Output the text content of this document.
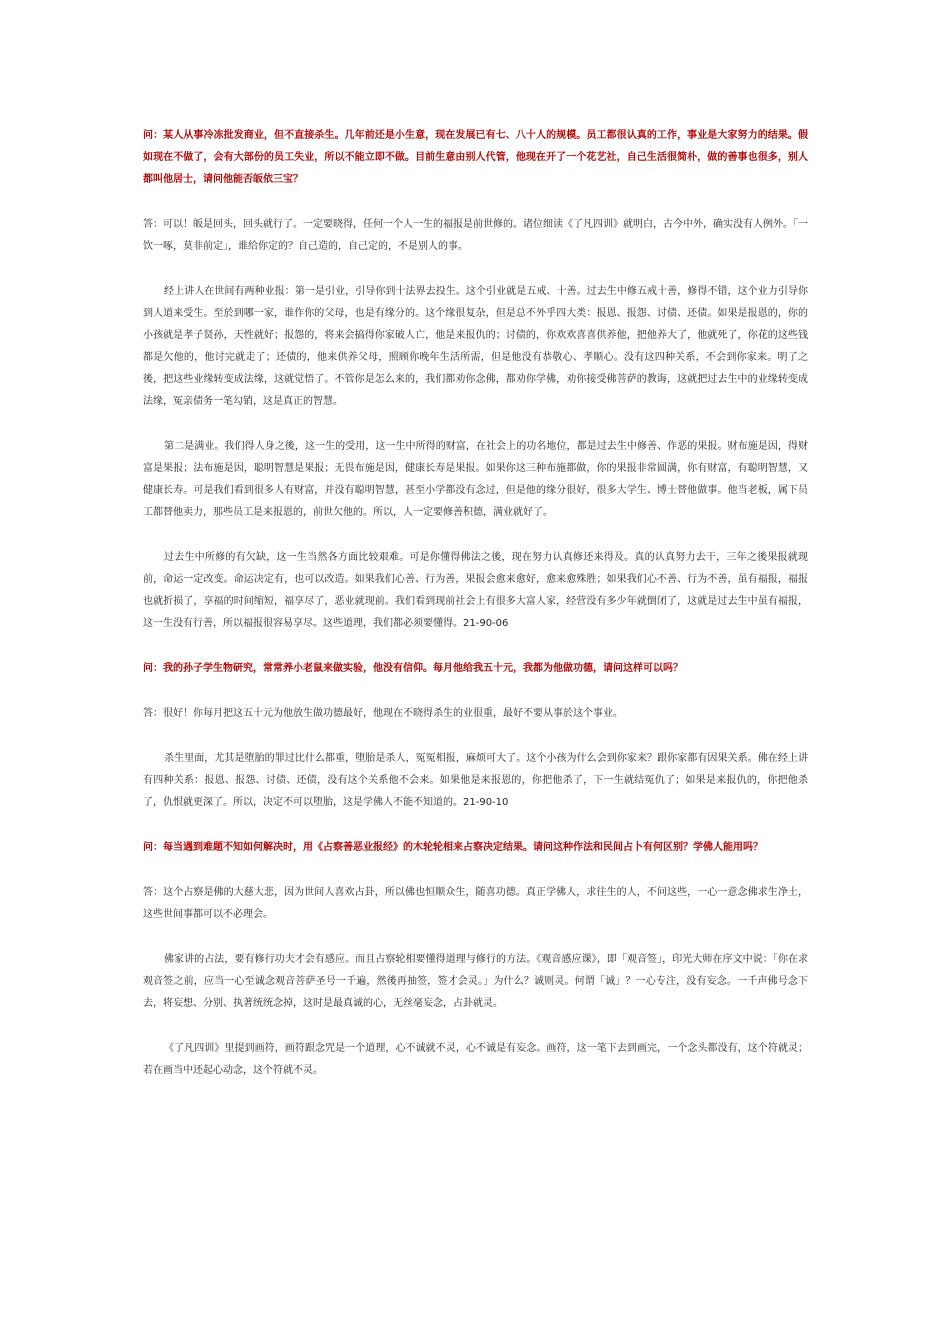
问：某人从事冷冻批发商业，但不直接杀生。几年前还是小生意，现在发展已有七、八十人的规模。员工都很认真的工作，事业是大家努力的结果。假如现在不做了，会有大部份的员工失业，所以不能立即不做。目前生意由别人代管，他现在开了一个花艺社，自己生活很简朴，做的善事也很多，别人都叫他居士，请问他能否皈依三宝？

答：可以！皈是回头，回头就行了。一定要晓得，任何一个人一生的福报是前世修的。诸位细读《了凡四训》就明白，古今中外，确实没有人例外。「一饮一啄，莫非前定」，谁给你定的？自己造的，自己定的，不是别人的事。

经上讲人在世间有两种业报：第一是引业，引导你到十法界去投生。这个引业就是五戒、十善。过去生中修五戒十善，修得不错，这个业力引导你到人道来受生。至於到哪一家，谁作你的父母，也是有缘分的。这个缘很复杂，但是总不外乎四大类：报恩、报怨、讨债、还债。如果是报恩的，你的小孩就是孝子贤孙，天性就好；报怨的，将来会搞得你家破人亡，他是来报仇的；讨债的，你欢欢喜喜供养他，把他养大了，他就死了，你花的这些钱都是欠他的，他讨完就走了；还债的，他来供养父母，照顾你晚年生活所需，但是他没有恭敬心、孝顺心。没有这四种关系，不会到你家来。明了之後，把这些业缘转变成法缘，这就觉悟了。不管你是怎么来的，我们都劝你念佛，都劝你学佛，劝你接受佛菩萨的教诲，这就把过去生中的业缘转变成法缘，冤亲债务一笔勾销，这是真正的智慧。

第二是满业。我们得人身之後，这一生的受用，这一生中所得的财富，在社会上的功名地位，都是过去生中修善、作恶的果报。财布施是因，得财富是果报；法布施是因，聪明智慧是果报；无畏布施是因，健康长寿是果报。如果你这三种布施都做，你的果报非常圆满，你有财富，有聪明智慧，又健康长寿。可是我们看到很多人有财富，并没有聪明智慧，甚至小学都没有念过，但是他的缘分很好，很多大学生、博士替他做事。他当老板，属下员工都替他卖力，那些员工是来报恩的，前世欠他的。所以，人一定要修善积德，满业就好了。

过去生中所修的有欠缺，这一生当然各方面比较艰难。可是你懂得佛法之後，现在努力认真修还来得及。真的认真努力去干，三年之後果报就现前，命运一定改变。命运决定有，也可以改造。如果我们心善、行为善，果报会愈来愈好，愈来愈殊胜；如果我们心不善、行为不善，虽有福报，福报也就折损了，享福的时间缩短，福享尽了，恶业就现前。我们看到现前社会上有很多大富人家，经营没有多少年就倒闭了，这就是过去生中虽有福报，这一生没有行善，所以福报很容易享尽。这些道理，我们都必须要懂得。21-90-06

问：我的孙子学生物研究，常常养小老鼠来做实验，他没有信仰。每月他给我五十元，我都为他做功德，请问这样可以吗？

答：很好！你每月把这五十元为他放生做功德最好，他现在不晓得杀生的业很重，最好不要从事於这个事业。

杀生里面，尤其是堕胎的罪过比什么都重，堕胎是杀人，冤冤相报，麻烦可大了。这个小孩为什么会到你家来？跟你家都有因果关系。佛在经上讲有四种关系：报恩、报怨、讨债、还债，没有这个关系他不会来。如果他是来报恩的，你把他杀了，下一生就结冤仇了；如果是来报仇的，你把他杀了，仇恨就更深了。所以，决定不可以堕胎，这是学佛人不能不知道的。21-90-10

问：每当遇到难题不知如何解决时，用《占察善恶业报经》的木轮轮相来占察决定结果。请问这种作法和民间占卜有何区别？学佛人能用吗？

答：这个占察是佛的大慈大悲，因为世间人喜欢占卦，所以佛也恒顺众生，随喜功德。真正学佛人，求往生的人，不问这些，一心一意念佛求生净土，这些世间事都可以不必理会。

佛家讲的占法，要有修行功夫才会有感应。而且占察轮相要懂得道理与修行的方法。《观音感应课》，即「观音签」，印光大师在序文中说：「你在求观音签之前，应当一心至诚念观音菩萨圣号一千遍，然後再抽签，签才会灵。」为什么？诚则灵。何谓「诚」？一心专注，没有妄念。一千声佛号念下去，将妄想、分别、执著统统念掉，这时是最真诚的心，无丝毫妄念，占卦就灵。

《了凡四训》里提到画符，画符跟念咒是一个道理，心不诚就不灵，心不诚是有妄念。画符，这一笔下去到画完，一个念头都没有，这个符就灵；若在画当中还起心动念，这个符就不灵。
